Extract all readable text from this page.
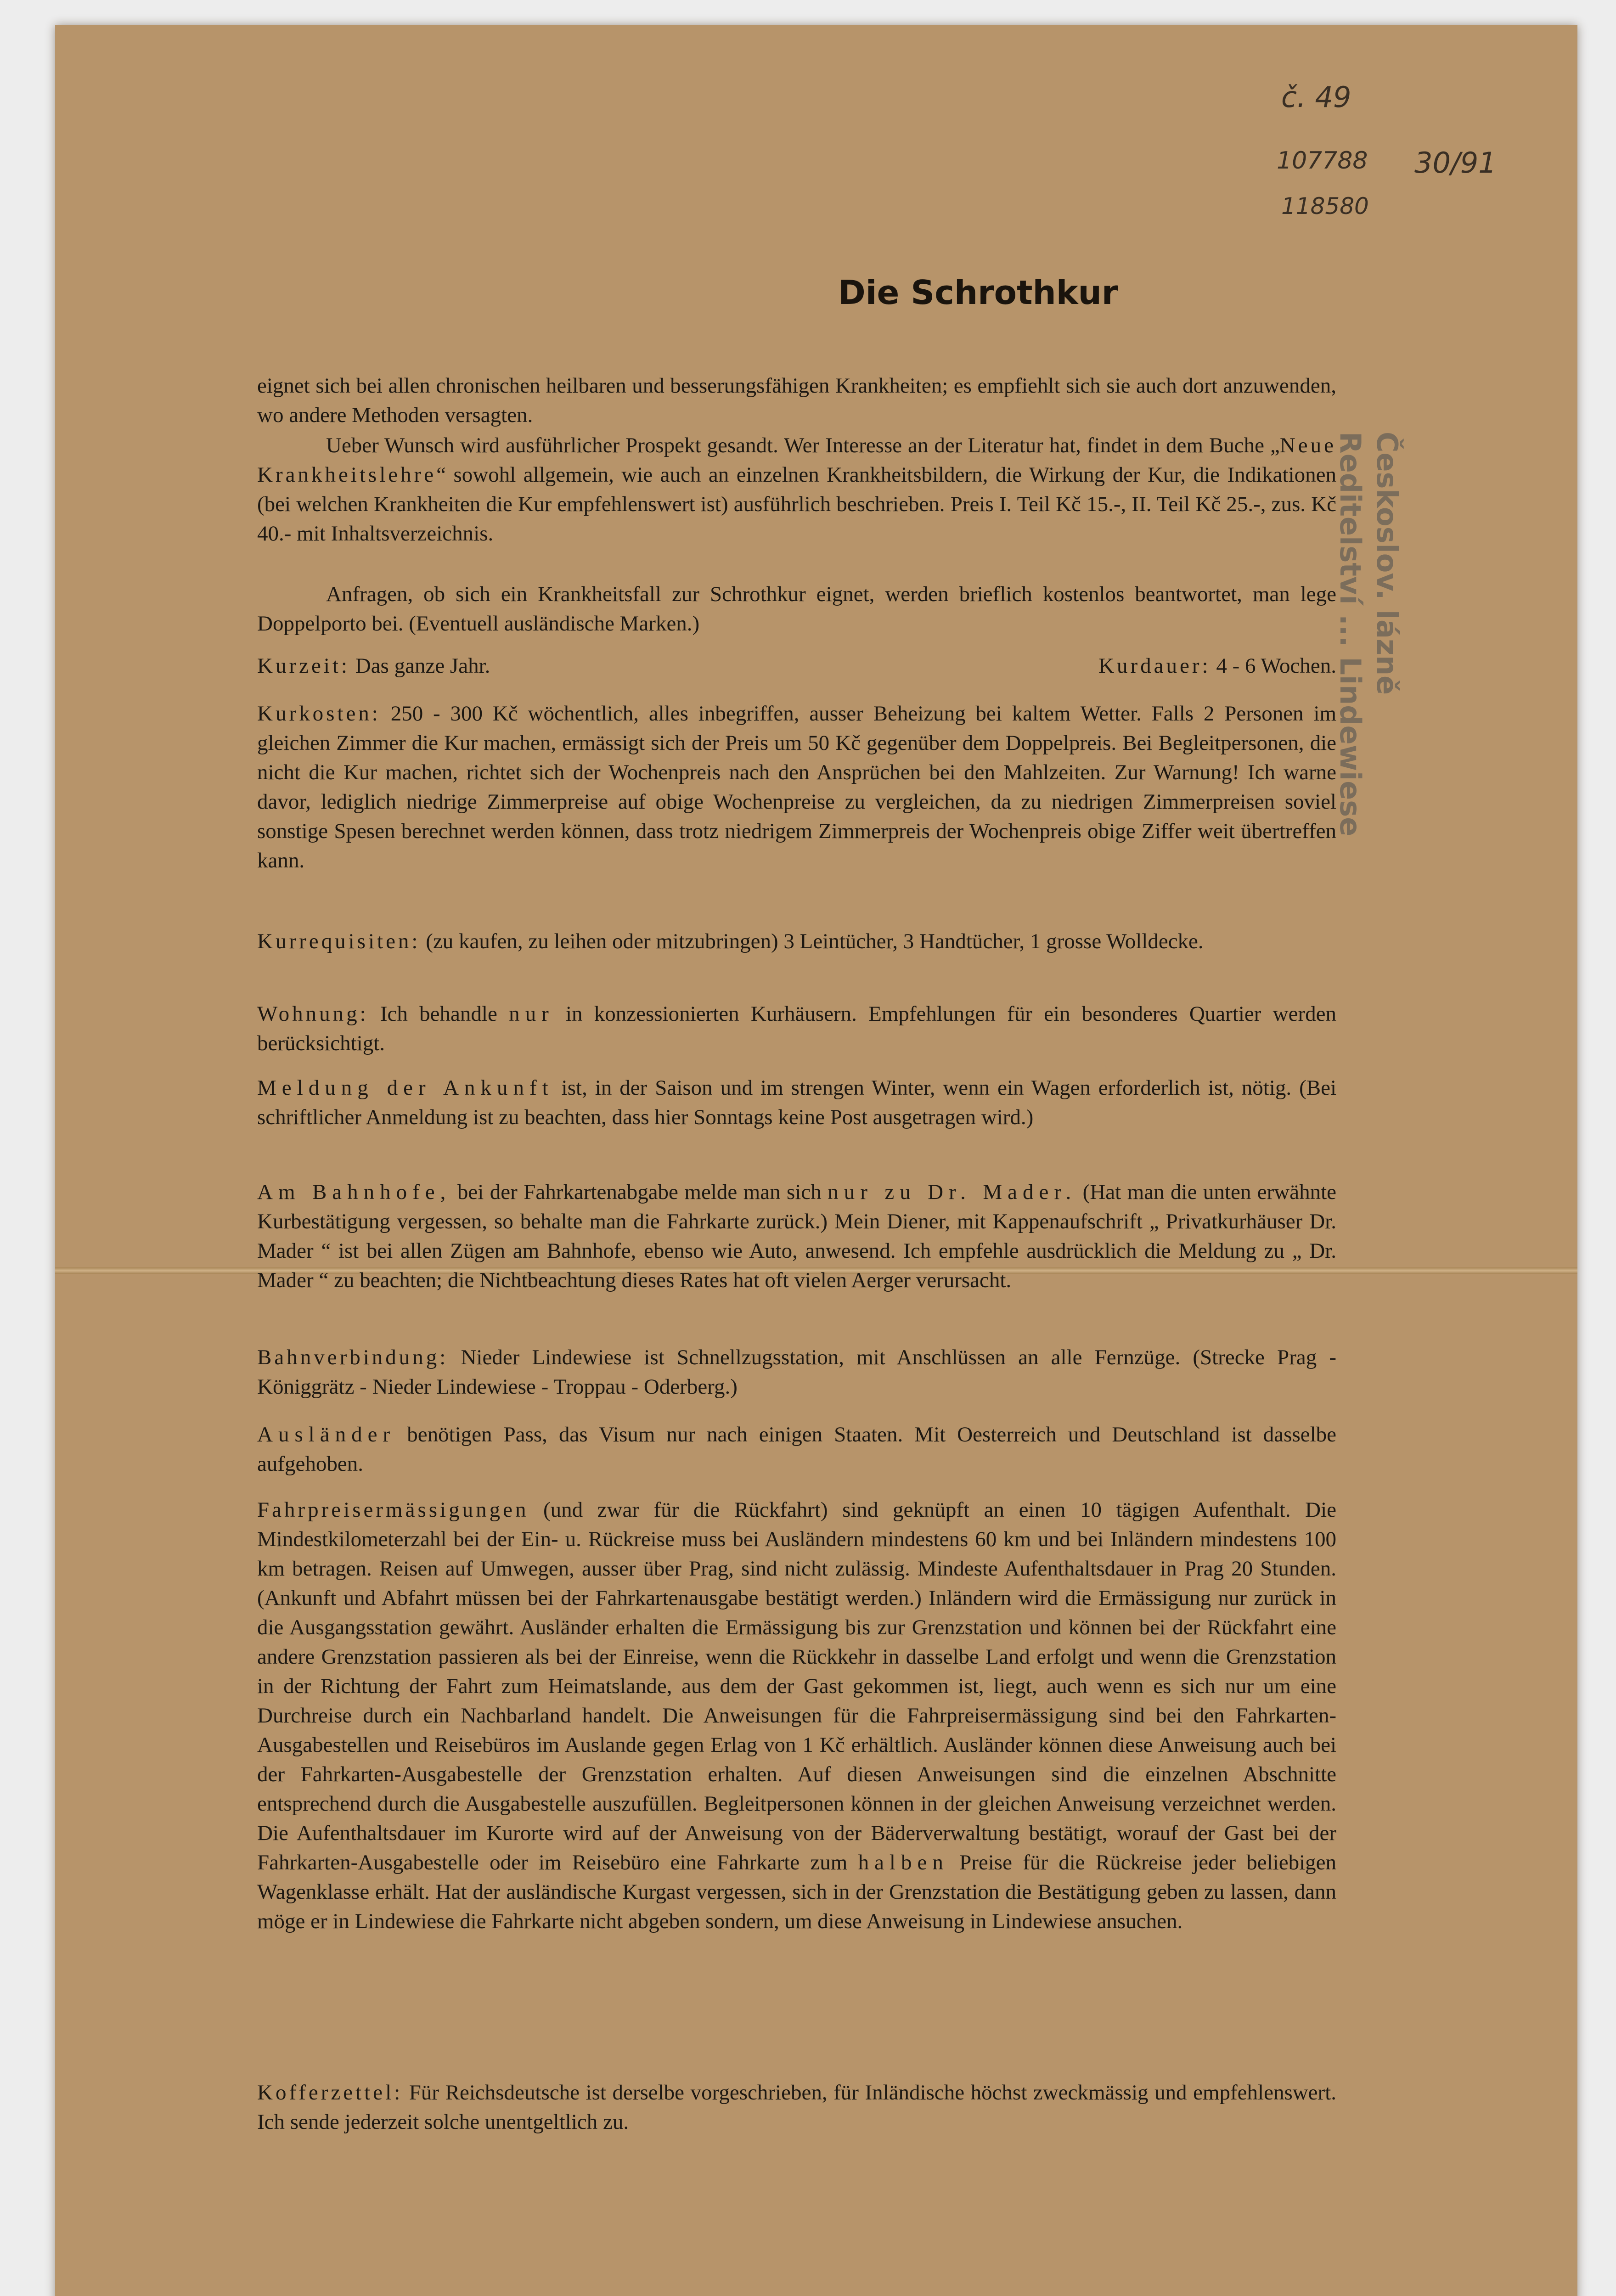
č. 49
107788 30/91
118580
Českoslov. lázně
Reditelství ... Lindewiese
Die Schrothkur
eignet sich bei allen chronischen heilbaren und besserungsfähigen Krankheiten; es empfiehlt sich sie auch dort anzuwenden, wo andere Methoden versagten.
Ueber Wunsch wird ausführlicher Prospekt gesandt. Wer Interesse an der Literatur hat, findet in dem Buche „Neue Krankheitslehre“ sowohl allgemein, wie auch an einzelnen Krankheitsbildern, die Wirkung der Kur, die Indikationen (bei welchen Krankheiten die Kur empfehlenswert ist) ausführlich beschrieben. Preis I. Teil Kč 15.-, II. Teil Kč 25.-, zus. Kč 40.- mit Inhaltsverzeichnis.
Anfragen, ob sich ein Krankheitsfall zur Schrothkur eignet, werden brieflich kostenlos beantwortet, man lege Doppelporto bei. (Eventuell ausländische Marken.)
Kurzeit: Das ganze Jahr.	Kurdauer: 4 - 6 Wochen.
Kurkosten: 250 - 300 Kč wöchentlich, alles inbegriffen, ausser Beheizung bei kaltem Wetter. Falls 2 Personen im gleichen Zimmer die Kur machen, ermässigt sich der Preis um 50 Kč gegenüber dem Doppelpreis. Bei Begleitpersonen, die nicht die Kur machen, richtet sich der Wochenpreis nach den Ansprüchen bei den Mahlzeiten. Zur Warnung! Ich warne davor, lediglich niedrige Zimmerpreise auf obige Wochenpreise zu vergleichen, da zu niedrigen Zimmerpreisen soviel sonstige Spesen berechnet werden können, dass trotz niedrigem Zimmerpreis der Wochenpreis obige Ziffer weit übertreffen kann.
Kurrequisiten: (zu kaufen, zu leihen oder mitzubringen) 3 Leintücher, 3 Handtücher, 1 grosse Wolldecke.
Wohnung: Ich behandle nur in konzessionierten Kurhäusern. Empfehlungen für ein besonderes Quartier werden berücksichtigt.
Meldung der Ankunft ist, in der Saison und im strengen Winter, wenn ein Wagen erforderlich ist, nötig. (Bei schriftlicher Anmeldung ist zu beachten, dass hier Sonntags keine Post ausgetragen wird.)
Am Bahnhofe, bei der Fahrkartenabgabe melde man sich nur zu Dr. Mader. (Hat man die unten erwähnte Kurbestätigung vergessen, so behalte man die Fahrkarte zurück.) Mein Diener, mit Kappenaufschrift „ Privatkurhäuser Dr. Mader “ ist bei allen Zügen am Bahnhofe, ebenso wie Auto, anwesend. Ich empfehle ausdrücklich die Meldung zu „ Dr. Mader “ zu beachten; die Nichtbeachtung dieses Rates hat oft vielen Aerger verursacht.
Bahnverbindung: Nieder Lindewiese ist Schnellzugsstation, mit Anschlüssen an alle Fernzüge. (Strecke Prag - Königgrätz - Nieder Lindewiese - Troppau - Oderberg.)
Ausländer benötigen Pass, das Visum nur nach einigen Staaten. Mit Oesterreich und Deutschland ist dasselbe aufgehoben.
Fahrpreisermässigungen (und zwar für die Rückfahrt) sind geknüpft an einen 10 tägigen Aufenthalt. Die Mindestkilometerzahl bei der Ein- u. Rückreise muss bei Ausländern mindestens 60 km und bei Inländern mindestens 100 km betragen. Reisen auf Umwegen, ausser über Prag, sind nicht zulässig. Mindeste Aufenthaltsdauer in Prag 20 Stunden. (Ankunft und Abfahrt müssen bei der Fahrkartenausgabe bestätigt werden.) Inländern wird die Ermässigung nur zurück in die Ausgangsstation gewährt. Ausländer erhalten die Ermässigung bis zur Grenzstation und können bei der Rückfahrt eine andere Grenzstation passieren als bei der Einreise, wenn die Rückkehr in dasselbe Land erfolgt und wenn die Grenzstation in der Richtung der Fahrt zum Heimatslande, aus dem der Gast gekommen ist, liegt, auch wenn es sich nur um eine Durchreise durch ein Nachbarland handelt. Die Anweisungen für die Fahrpreisermässigung sind bei den Fahrkarten-Ausgabestellen und Reisebüros im Auslande gegen Erlag von 1 Kč erhältlich. Ausländer können diese Anweisung auch bei der Fahrkarten-Ausgabestelle der Grenzstation erhalten. Auf diesen Anweisungen sind die einzelnen Abschnitte entsprechend durch die Ausgabestelle auszufüllen. Begleitpersonen können in der gleichen Anweisung verzeichnet werden. Die Aufenthaltsdauer im Kurorte wird auf der Anweisung von der Bäderverwaltung bestätigt, worauf der Gast bei der Fahrkarten-Ausgabestelle oder im Reisebüro eine Fahrkarte zum halben Preise für die Rückreise jeder beliebigen Wagenklasse erhält. Hat der ausländische Kurgast vergessen, sich in der Grenzstation die Bestätigung geben zu lassen, dann möge er in Lindewiese die Fahrkarte nicht abgeben sondern, um diese Anweisung in Lindewiese ansuchen.
Kofferzettel: Für Reichsdeutsche ist derselbe vorgeschrieben, für Inländische höchst zweckmässig und empfehlenswert. Ich sende jederzeit solche unentgeltlich zu.
